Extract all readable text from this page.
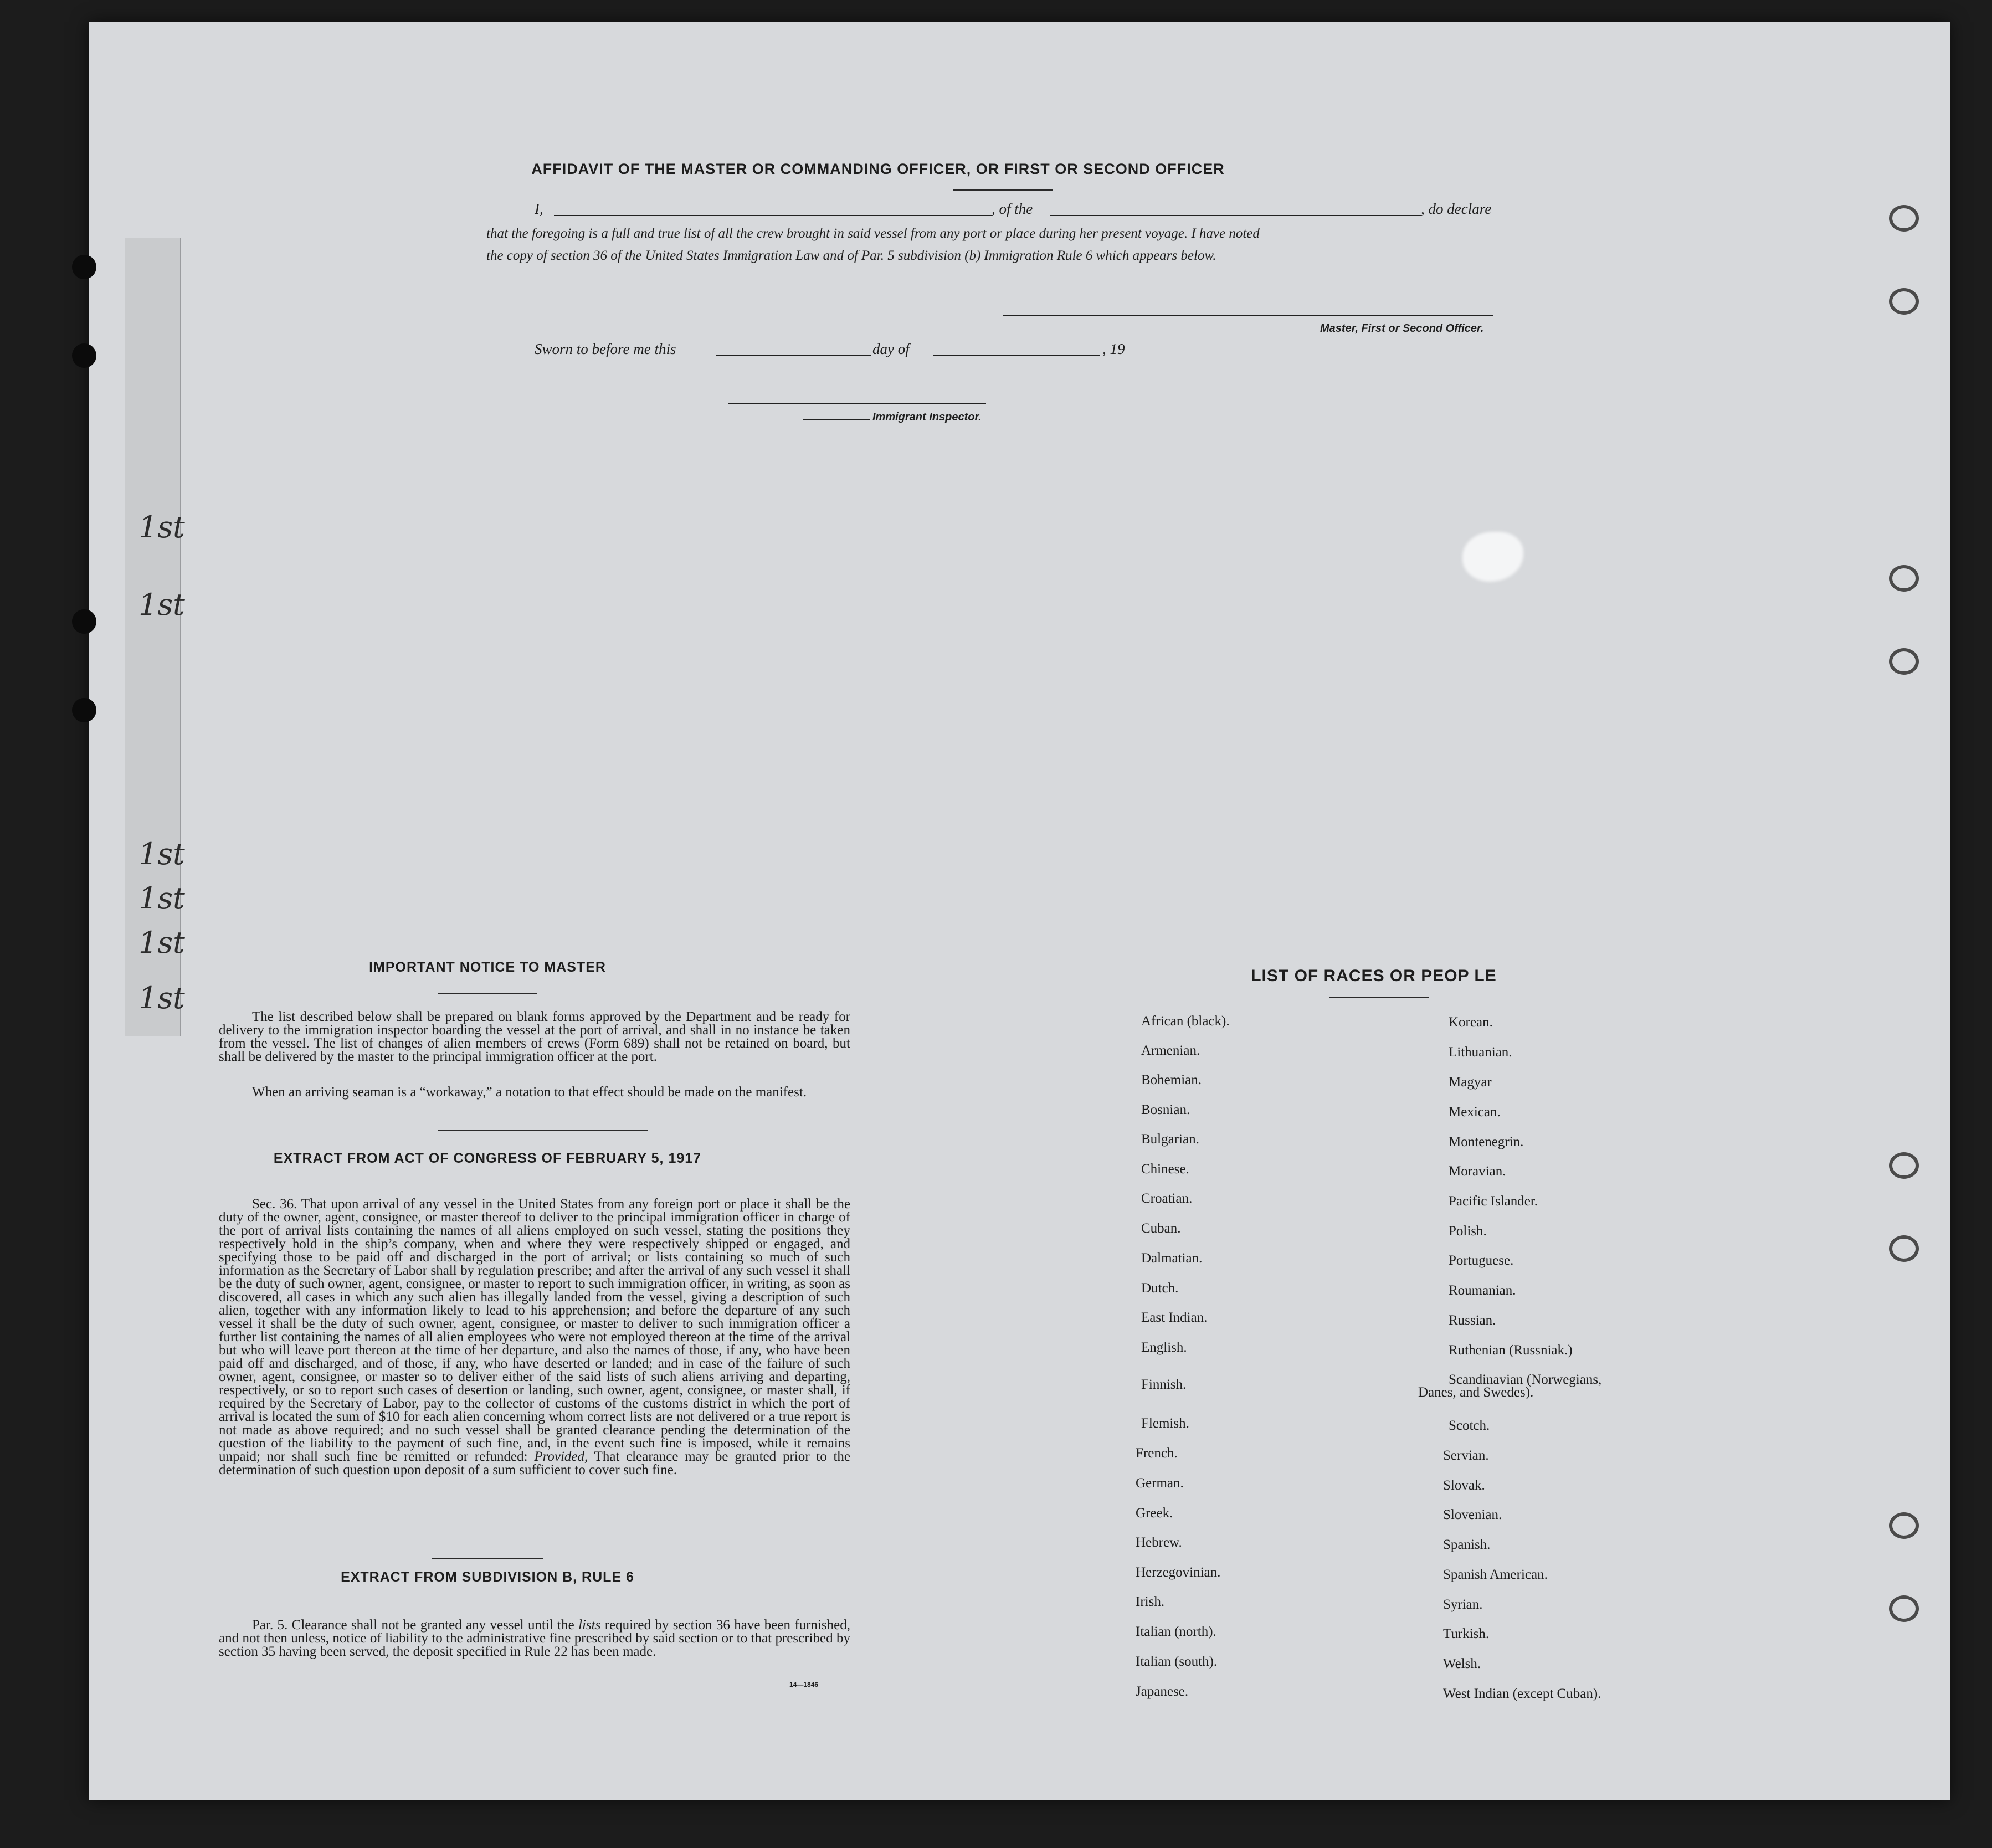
1st
1st
1st
1st
1st
1st
AFFIDAVIT OF THE MASTER OR COMMANDING OFFICER, OR FIRST OR SECOND OFFICER
I,	, of the	, do declare
that the foregoing is a full and true list of all the crew brought in said vessel from any port or place during her present voyage. I have noted
the copy of section 36 of the United States Immigration Law and of Par. 5 subdivision (b) Immigration Rule 6 which appears below.
Master, First or Second Officer.
Sworn to before me this	day of	, 19
Immigrant Inspector.
IMPORTANT NOTICE TO MASTER

The list described below shall be prepared on blank forms approved by the Department and be ready for delivery to the immigration inspector boarding the vessel at the port of arrival, and shall in no instance be taken from the vessel. The list of changes of alien members of crews (Form 689) shall not be retained on board, but shall be delivered by the master to the principal immigration officer at the port.

When an arriving seaman is a “workaway,” a notation to that effect should be made on the manifest.

EXTRACT FROM ACT OF CONGRESS OF FEBRUARY 5, 1917

Sec. 36. That upon arrival of any vessel in the United States from any foreign port or place it shall be the duty of the owner, agent, consignee, or master thereof to deliver to the principal immigration officer in charge of the port of arrival lists containing the names of all aliens employed on such vessel, stating the positions they respectively hold in the ship’s company, when and where they were respectively shipped or engaged, and specifying those to be paid off and discharged in the port of arrival; or lists containing so much of such information as the Secretary of Labor shall by regulation prescribe; and after the arrival of any such vessel it shall be the duty of such owner, agent, consignee, or master to report to such immigration officer, in writing, as soon as discovered, all cases in which any such alien has illegally landed from the vessel, giving a description of such alien, together with any information likely to lead to his apprehension; and before the departure of any such vessel it shall be the duty of such owner, agent, consignee, or master to deliver to such immigration officer a further list containing the names of all alien employees who were not employed thereon at the time of the arrival but who will leave port thereon at the time of her departure, and also the names of those, if any, who have been paid off and discharged, and of those, if any, who have deserted or landed; and in case of the failure of such owner, agent, consignee, or master so to deliver either of the said lists of such aliens arriving and departing, respectively, or so to report such cases of desertion or landing, such owner, agent, consignee, or master shall, if required by the Secretary of Labor, pay to the collector of customs of the customs district in which the port of arrival is located the sum of $10 for each alien concerning whom correct lists are not delivered or a true report is not made as above required; and no such vessel shall be granted clearance pending the determination of the question of the liability to the payment of such fine, and, in the event such fine is imposed, while it remains unpaid; nor shall such fine be remitted or refunded: Provided, That clearance may be granted prior to the determination of such question upon deposit of a sum sufficient to cover such fine.

EXTRACT FROM SUBDIVISION B, RULE 6

Par. 5. Clearance shall not be granted any vessel until the lists required by section 36 have been furnished, and not then unless, notice of liability to the administrative fine prescribed by said section or to that prescribed by section 35 having been served, the deposit specified in Rule 22 has been made.

14—1846
LIST OF RACES OR PEOP LE
African (black).
Armenian.
Bohemian.
Bosnian.
Bulgarian.
Chinese.
Croatian.
Cuban.
Dalmatian.
Dutch.
East Indian.
English.
Finnish.
Flemish.
French.
German.
Greek.
Hebrew.
Herzegovinian.
Irish.
Italian (north).
Italian (south).
Japanese.
Korean.
Lithuanian.
Magyar
Mexican.
Montenegrin.
Moravian.
Pacific Islander.
Polish.
Portuguese.
Roumanian.
Russian.
Ruthenian (Russniak.)
Scandinavian (Norwegians,
Scotch.
Servian.
Slovak.
Slovenian.
Spanish.
Spanish American.
Syrian.
Turkish.
Welsh.
West Indian (except Cuban).
Danes, and Swedes).
